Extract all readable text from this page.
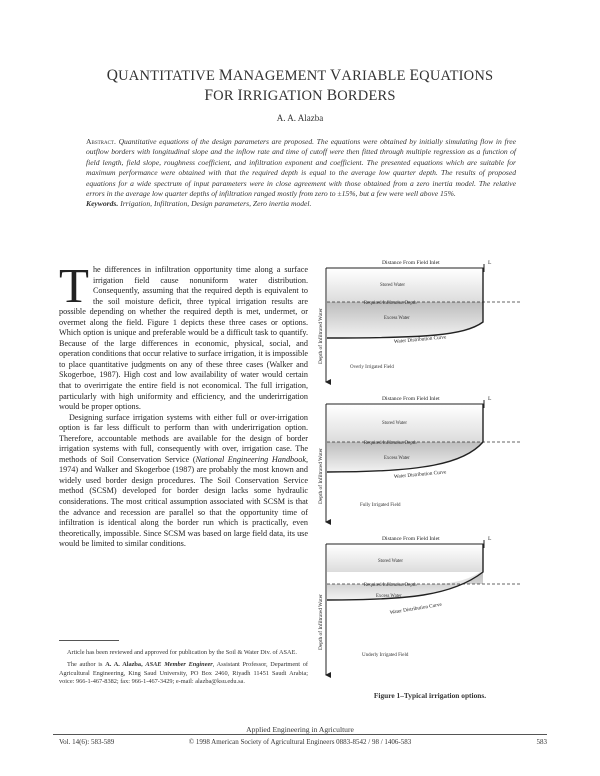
QUANTITATIVE MANAGEMENT VARIABLE EQUATIONS
FOR IRRIGATION BORDERS
A. A. Alazba
Abstract. Quantitative equations of the design parameters are proposed. The equations were obtained by initially simulating flow in free outflow borders with longitudinal slope and the inflow rate and time of cutoff were then fitted through multiple regression as a function of field length, field slope, roughness coefficient, and infiltration exponent and coefficient. The presented equations which are suitable for maximum performance were obtained with that the required depth is equal to the average low quarter depth. The results of proposed equations for a wide spectrum of input parameters were in close agreement with those obtained from a zero inertia model. The relative errors in the average low quarter depths of infiltration ranged mostly from zero to ±15%, but a few were well above 15%.
Keywords. Irrigation, Infiltration, Design parameters, Zero inertia model.

The differences in infiltration opportunity time along a surface irrigation field cause nonuniform water distribution. Consequently, assuming that the required depth is equivalent to the soil moisture deficit, three typical irrigation results are possible depending on whether the required depth is met, undermet, or overmet along the field. Figure 1 depicts these three cases or options. Which option is unique and preferable would be a difficult task to quantify. Because of the large differences in economic, physical, social, and operation conditions that occur relative to surface irrigation, it is impossible to place quantitative judgments on any of these three cases (Walker and Skogerboe, 1987). High cost and low availability of water would certain that to overirrigate the entire field is not economical. The full irrigation, particularly with high uniformity and efficiency, and the underirrigation would be proper options.

Designing surface irrigation systems with either full or over-irrigation option is far less difficult to perform than with underirrigation option. Therefore, accountable methods are available for the design of border irrigation systems with full, consequently with over, irrigation case. The methods of Soil Conservation Service (National Engineering Handbook, 1974) and Walker and Skogerboe (1987) are probably the most known and widely used border design procedures. The Soil Conservation Service method (SCSM) developed for border design lacks some hydraulic considerations. The most critical assumption associated with SCSM is that the advance and recession are parallel so that the opportunity time of infiltration is identical along the border run which is practically, even theoretically, impossible. Since SCSM was based on large field data, its use would be limited to similar conditions.

Article has been reviewed and approved for publication by the Soil & Water Div. of ASAE.

The author is A. A. Alazba, ASAE Member Engineer, Assistant Professor, Department of Agricultural Engineering, King Saud University, PO Box 2460, Riyadh 11451 Saudi Arabia; voice: 966-1-467-8382; fax: 966-1-467-3429; e-mail: alazba@ksu.edu.sa.

Distance From Field Inlet	L
Depth of Infiltrated Water
Stored Water
Required Infiltration Depth
Excess Water
Water Distribution Curve
Overly Irrigated Field
Distance From Field Inlet	L
Depth of Infiltrated Water
Stored Water
Required Infiltration Depth
Excess Water
Water Distribution Curve
Fully Irrigated Field
Distance From Field Inlet	L
Depth of Infiltrated Water
Stored Water
Required Infiltration Depth
Excess Water
Water Distribution Curve
Underly Irrigated Field
Figure 1–Typical irrigation options.
Applied Engineering in Agriculture
Vol. 14(6): 583-589	© 1998 American Society of Agricultural Engineers 0883-8542 / 98 / 1406-583	583
